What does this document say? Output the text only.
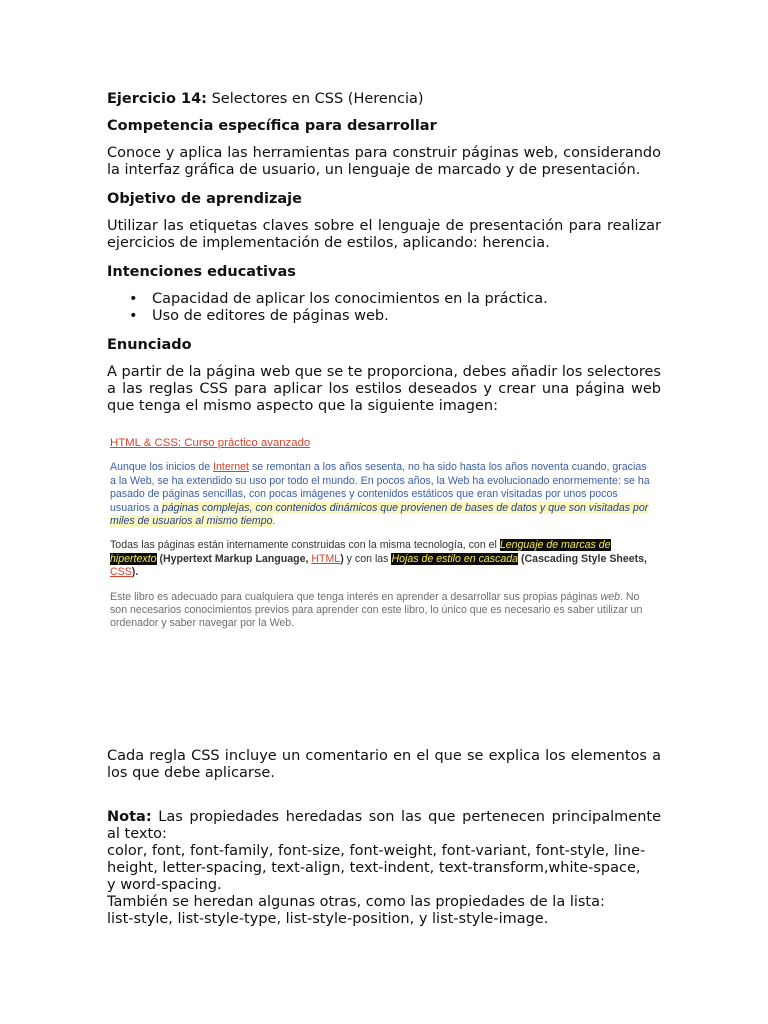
Ejercicio 14: Selectores en CSS (Herencia)
Competencia específica para desarrollar

Conoce y aplica las herramientas para construir páginas web, considerando la interfaz gráfica de usuario, un lenguaje de marcado y de presentación.

Objetivo de aprendizaje

Utilizar las etiquetas claves sobre el lenguaje de presentación para realizar ejercicios de implementación de estilos, aplicando: herencia.

Intenciones educativas
• Capacidad de aplicar los conocimientos en la práctica.
• Uso de editores de páginas web.
Enunciado

A partir de la página web que se te proporciona, debes añadir los selectores a las reglas CSS para aplicar los estilos deseados y crear una página web que tenga el mismo aspecto que la siguiente imagen:

HTML & CSS: Curso práctico avanzado
Aunque los inicios de Internet se remontan a los años sesenta, no ha sido hasta los años noventa cuando, gracias a la Web, se ha extendido su uso por todo el mundo. En pocos años, la Web ha evolucionado enormemente: se ha pasado de páginas sencillas, con pocas imágenes y contenidos estáticos que eran visitadas por unos pocos usuarios a páginas complejas, con contenidos dinámicos que provienen de bases de datos y que son visitadas por miles de usuarios al mismo tiempo.
Todas las páginas están internamente construidas con la misma tecnología, con el Lenguaje de marcas de hipertexto (Hypertext Markup Language, HTML) y con las Hojas de estilo en cascada (Cascading Style Sheets, CSS).
Este libro es adecuado para cualquiera que tenga interés en aprender a desarrollar sus propias páginas web. No son necesarios conocimientos previos para aprender con este libro, lo único que es necesario es saber utilizar un ordenador y saber navegar por la Web.

Cada regla CSS incluye un comentario en el que se explica los elementos a los que debe aplicarse.

Nota: Las propiedades heredadas son las que pertenecen principalmente al texto:

color, font, font-family, font-size, font-weight, font-variant, font-style, line-height, letter-spacing, text-align, text-indent, text-transform,white-space,

y word-spacing.

También se heredan algunas otras, como las propiedades de la lista:

list-style, list-style-type, list-style-position, y list-style-image.
